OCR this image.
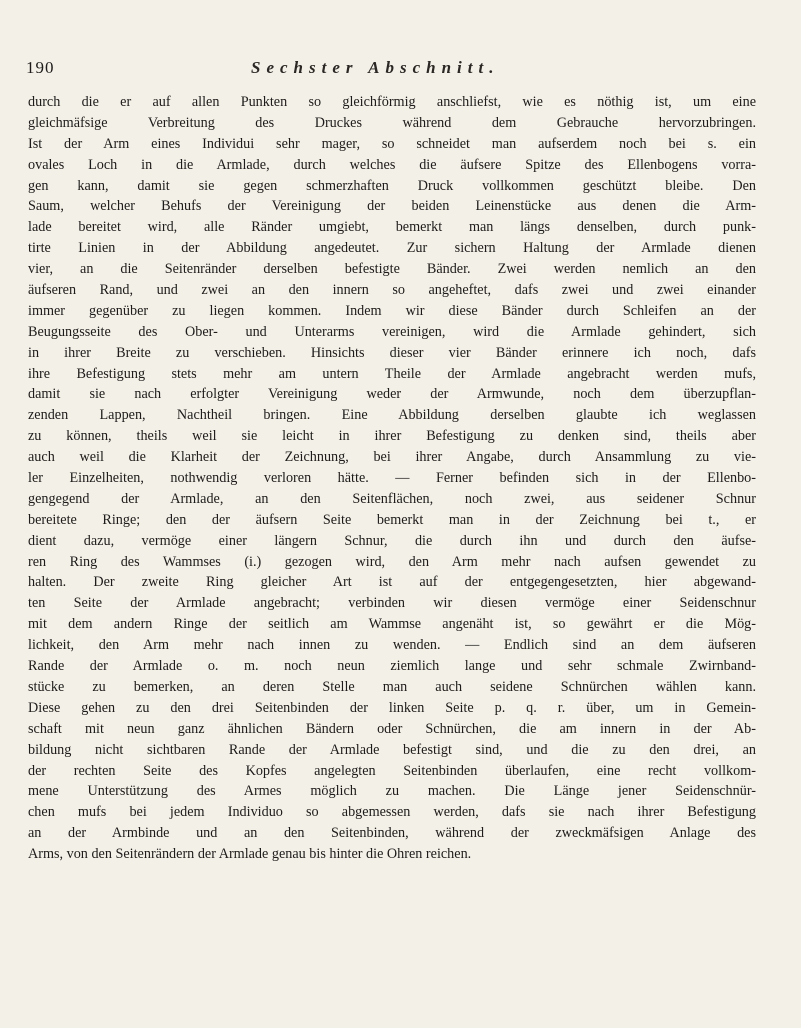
190	Sechster Abschnitt.
durch die er auf allen Punkten so gleichförmig anschliefst, wie es nöthig ist, um eine
gleichmäfsige Verbreitung des Druckes während dem Gebrauche hervorzubringen.
Ist der Arm eines Individui sehr mager, so schneidet man aufserdem noch bei s. ein
ovales Loch in die Armlade, durch welches die äufsere Spitze des Ellenbogens vorra-
gen kann, damit sie gegen schmerzhaften Druck vollkommen geschützt bleibe. Den
Saum, welcher Behufs der Vereinigung der beiden Leinenstücke aus denen die Arm-
lade bereitet wird, alle Ränder umgiebt, bemerkt man längs denselben, durch punk-
tirte Linien in der Abbildung angedeutet. Zur sichern Haltung der Armlade dienen
vier, an die Seitenränder derselben befestigte Bänder. Zwei werden nemlich an den
äufseren Rand, und zwei an den innern so angeheftet, dafs zwei und zwei einander
immer gegenüber zu liegen kommen. Indem wir diese Bänder durch Schleifen an der
Beugungsseite des Ober- und Unterarms vereinigen, wird die Armlade gehindert, sich
in ihrer Breite zu verschieben. Hinsichts dieser vier Bänder erinnere ich noch, dafs
ihre Befestigung stets mehr am untern Theile der Armlade angebracht werden mufs,
damit sie nach erfolgter Vereinigung weder der Armwunde, noch dem überzupflan-
zenden Lappen, Nachtheil bringen. Eine Abbildung derselben glaubte ich weglassen
zu können, theils weil sie leicht in ihrer Befestigung zu denken sind, theils aber
auch weil die Klarheit der Zeichnung, bei ihrer Angabe, durch Ansammlung zu vie-
ler Einzelheiten, nothwendig verloren hätte. — Ferner befinden sich in der Ellenbo-
gengegend der Armlade, an den Seitenflächen, noch zwei, aus seidener Schnur
bereitete Ringe; den der äufsern Seite bemerkt man in der Zeichnung bei t., er
dient dazu, vermöge einer längern Schnur, die durch ihn und durch den äufse-
ren Ring des Wammses (i.) gezogen wird, den Arm mehr nach aufsen gewendet zu
halten. Der zweite Ring gleicher Art ist auf der entgegengesetzten, hier abgewand-
ten Seite der Armlade angebracht; verbinden wir diesen vermöge einer Seidenschnur
mit dem andern Ringe der seitlich am Wammse angenäht ist, so gewährt er die Mög-
lichkeit, den Arm mehr nach innen zu wenden. — Endlich sind an dem äufseren
Rande der Armlade o. m. noch neun ziemlich lange und sehr schmale Zwirnband-
stücke zu bemerken, an deren Stelle man auch seidene Schnürchen wählen kann.
Diese gehen zu den drei Seitenbinden der linken Seite p. q. r. über, um in Gemein-
schaft mit neun ganz ähnlichen Bändern oder Schnürchen, die am innern in der Ab-
bildung nicht sichtbaren Rande der Armlade befestigt sind, und die zu den drei, an
der rechten Seite des Kopfes angelegten Seitenbinden überlaufen, eine recht vollkom-
mene Unterstützung des Armes möglich zu machen. Die Länge jener Seidenschnür-
chen mufs bei jedem Individuo so abgemessen werden, dafs sie nach ihrer Befestigung
an der Armbinde und an den Seitenbinden, während der zweckmäfsigen Anlage des
Arms, von den Seitenrändern der Armlade genau bis hinter die Ohren reichen.
